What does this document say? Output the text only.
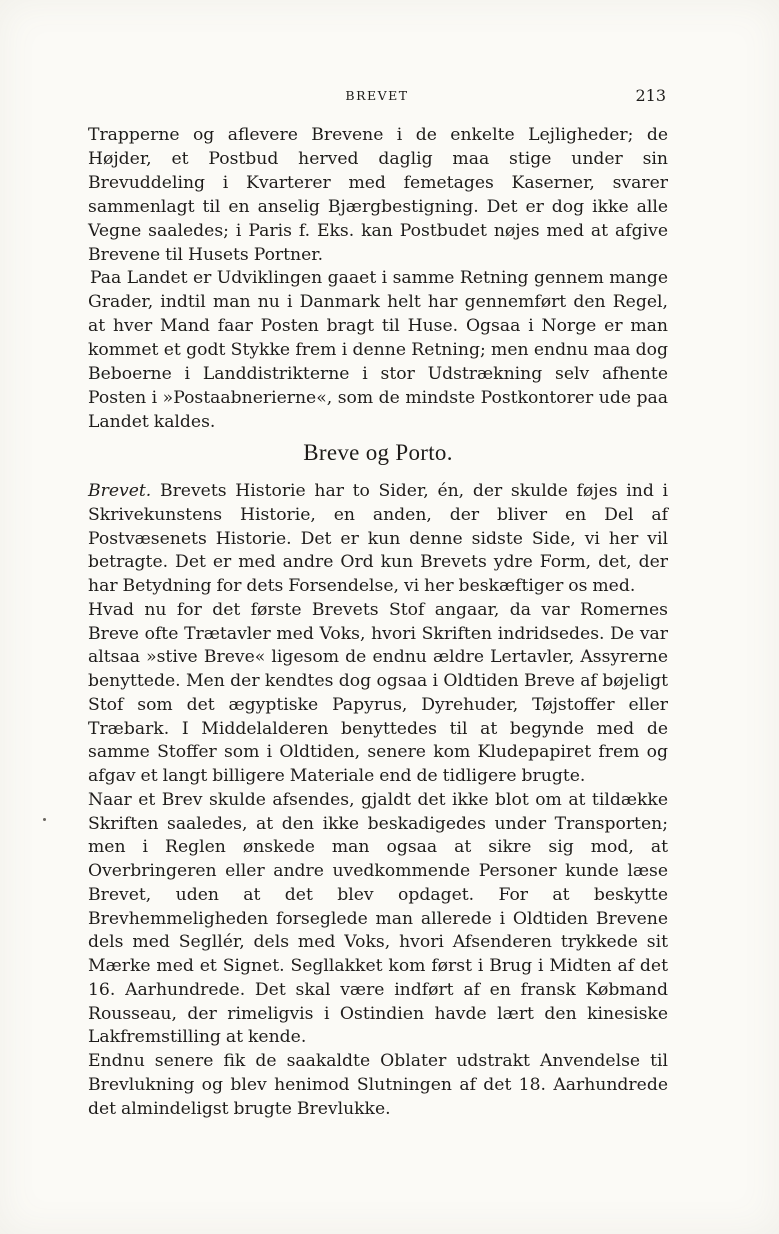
BREVET	213

Trapperne og aflevere Brevene i de enkelte Lejligheder; de Højder, et Postbud herved daglig maa stige under sin Brevuddeling i Kvarterer med femetages Kaserner, svarer sammenlagt til en anselig Bjærgbestigning. Det er dog ikke alle Vegne saaledes; i Paris f. Eks. kan Postbudet nøjes med at afgive Brevene til Husets Portner.

Paa Landet er Udviklingen gaaet i samme Retning gennem mange Grader, indtil man nu i Danmark helt har gennemført den Regel, at hver Mand faar Posten bragt til Huse. Ogsaa i Norge er man kommet et godt Stykke frem i denne Retning; men endnu maa dog Beboerne i Landdistrikterne i stor Udstrækning selv afhente Posten i »Postaabnerierne«, som de mindste Postkontorer ude paa Landet kaldes.

Breve og Porto.

Brevet. Brevets Historie har to Sider, én, der skulde føjes ind i Skrivekunstens Historie, en anden, der bliver en Del af Postvæsenets Historie. Det er kun denne sidste Side, vi her vil betragte. Det er med andre Ord kun Brevets ydre Form, det, der har Betydning for dets Forsendelse, vi her beskæftiger os med.

Hvad nu for det første Brevets Stof angaar, da var Romernes Breve ofte Trætavler med Voks, hvori Skriften indridsedes. De var altsaa »stive Breve« ligesom de endnu ældre Lertavler, Assyrerne benyttede. Men der kendtes dog ogsaa i Oldtiden Breve af bøjeligt Stof som det ægyptiske Papyrus, Dyrehuder, Tøjstoffer eller Træbark. I Middelalderen benyttedes til at begynde med de samme Stoffer som i Oldtiden, senere kom Kludepapiret frem og afgav et langt billigere Materiale end de tidligere brugte.

Naar et Brev skulde afsendes, gjaldt det ikke blot om at tildække Skriften saaledes, at den ikke beskadigedes under Transporten; men i Reglen ønskede man ogsaa at sikre sig mod, at Overbringeren eller andre uvedkommende Personer kunde læse Brevet, uden at det blev opdaget. For at beskytte Brevhemmeligheden forseglede man allerede i Oldtiden Brevene dels med Segllér, dels med Voks, hvori Afsenderen trykkede sit Mærke med et Signet. Segllakket kom først i Brug i Midten af det 16. Aarhundrede. Det skal være indført af en fransk Købmand Rousseau, der rimeligvis i Ostindien havde lært den kinesiske Lakfremstilling at kende.

Endnu senere fik de saakaldte Oblater udstrakt Anvendelse til Brevlukning og blev henimod Slutningen af det 18. Aarhundrede det almindeligst brugte Brevlukke.
